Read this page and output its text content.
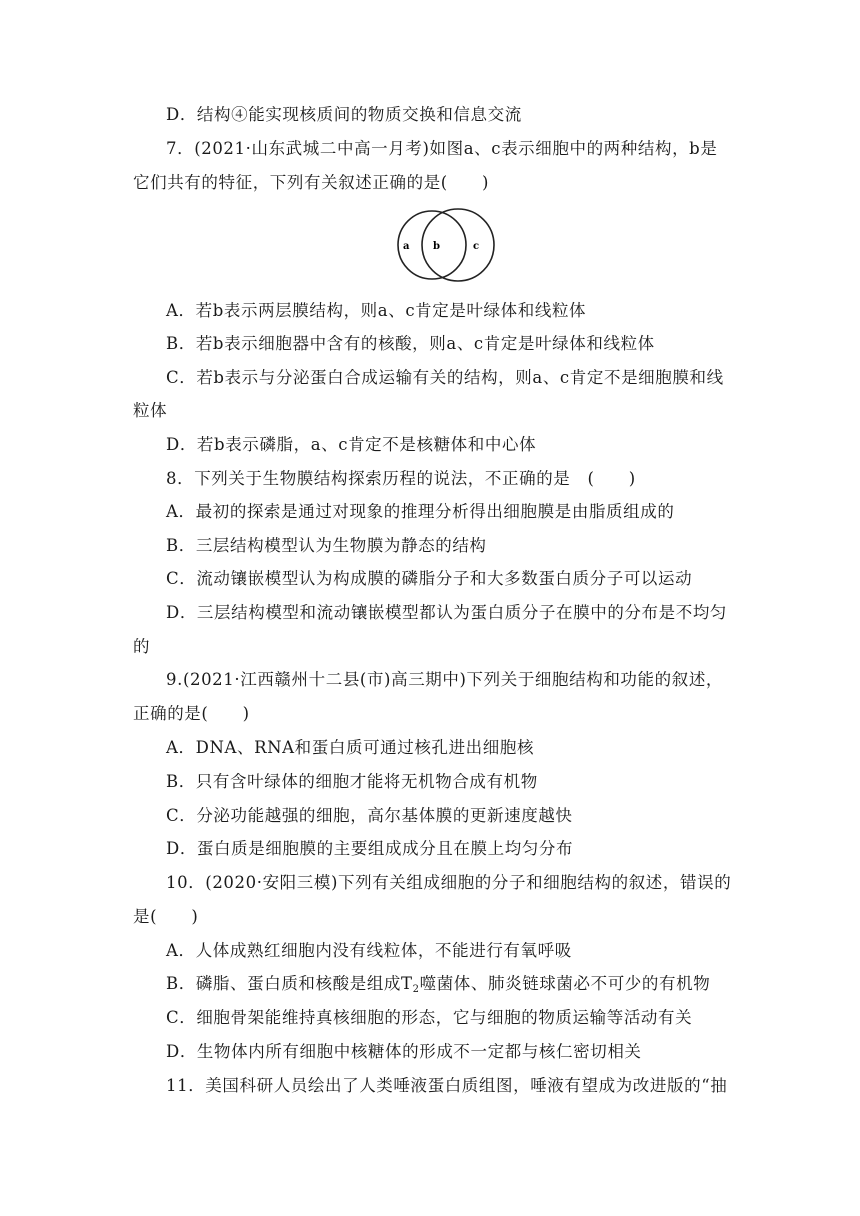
D．结构④能实现核质间的物质交换和信息交流
7．(2021·山东武城二中高一月考)如图a、c表示细胞中的两种结构，b是
它们共有的特征，下列有关叙述正确的是(　　)
a b	c
A．若b表示两层膜结构，则a、c肯定是叶绿体和线粒体
B．若b表示细胞器中含有的核酸，则a、c肯定是叶绿体和线粒体
C．若b表示与分泌蛋白合成运输有关的结构，则a、c肯定不是细胞膜和线
粒体
D．若b表示磷脂，a、c肯定不是核糖体和中心体
8．下列关于生物膜结构探索历程的说法，不正确的是　(　　)
A．最初的探索是通过对现象的推理分析得出细胞膜是由脂质组成的
B．三层结构模型认为生物膜为静态的结构
C．流动镶嵌模型认为构成膜的磷脂分子和大多数蛋白质分子可以运动
D．三层结构模型和流动镶嵌模型都认为蛋白质分子在膜中的分布是不均匀
的
9.(2021·江西赣州十二县(市)高三期中)下列关于细胞结构和功能的叙述，
正确的是(　　)
A．DNA、RNA和蛋白质可通过核孔进出细胞核
B．只有含叶绿体的细胞才能将无机物合成有机物
C．分泌功能越强的细胞，高尔基体膜的更新速度越快
D．蛋白质是细胞膜的主要组成成分且在膜上均匀分布
10．(2020·安阳三模)下列有关组成细胞的分子和细胞结构的叙述，错误的
是(　　)
A．人体成熟红细胞内没有线粒体，不能进行有氧呼吸
B．磷脂、蛋白质和核酸是组成$T_2$噬菌体、肺炎链球菌必不可少的有机物
C．细胞骨架能维持真核细胞的形态，它与细胞的物质运输等活动有关
D．生物体内所有细胞中核糖体的形成不一定都与核仁密切相关
11．美国科研人员绘出了人类唾液蛋白质组图，唾液有望成为改进版的“抽
